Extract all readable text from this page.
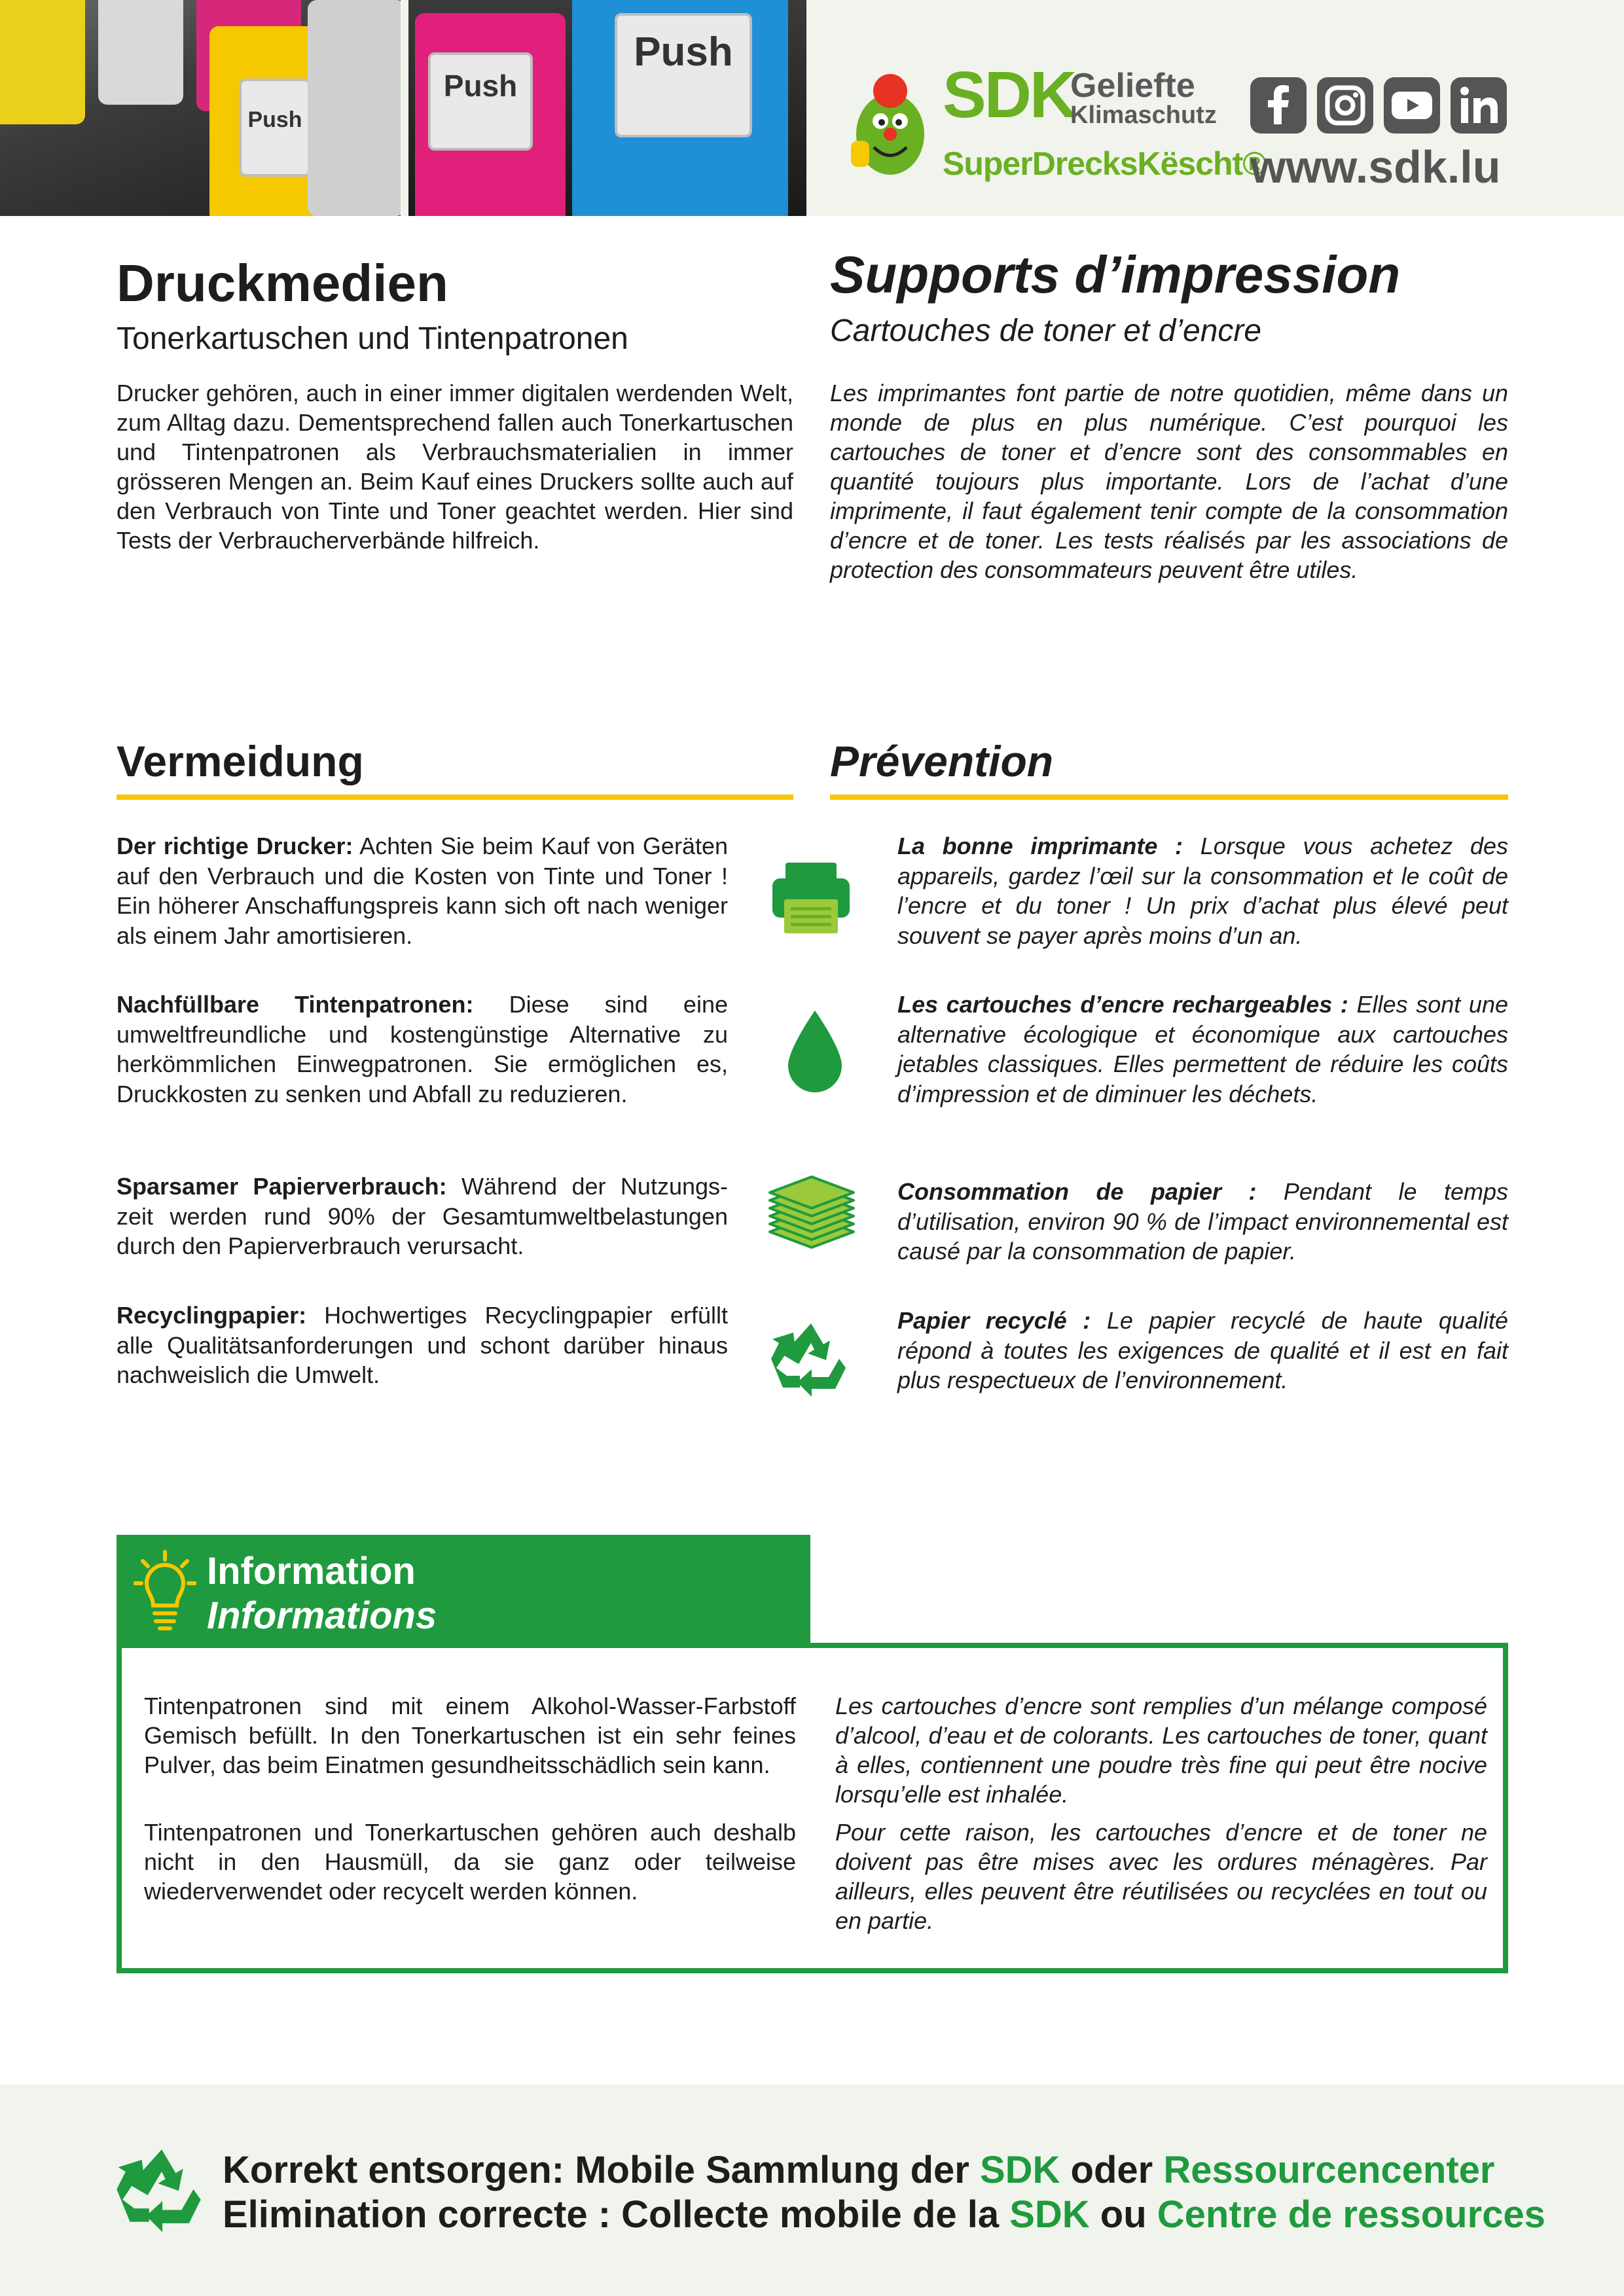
Push
Push
Push
SDK
Geliefte
Klimaschutz
SuperDrecksKëscht®
www.sdk.lu
Druckmedien
Tonerkartuschen und Tintenpatronen
Drucker gehören, auch in einer immer digitalen werdenden Welt, zum Alltag dazu. Dementsprechend fallen auch Tonerkartuschen und Tintenpatronen als Verbrauchsmaterialien in immer grösseren Mengen an. Beim Kauf eines Druckers sollte auch auf den Verbrauch von Tinte und Toner geachtet werden. Hier sind Tests der Verbraucherverbände hilfreich.
Supports d’impression
Cartouches de toner et d’encre
Les imprimantes font partie de notre quotidien, même dans un monde de plus en plus numérique. C’est pourquoi les cartouches de toner et d’encre sont des consommables en quantité toujours plus importante. Lors de l’achat d’une imprimente, il faut également tenir compte de la consommation d’encre et de toner. Les tests réalisés par les associations de protection des consommateurs peuvent être utiles.
Vermeidung	Prévention
Der richtige Drucker: Achten Sie beim Kauf von Geräten auf den Verbrauch und die Kosten von Tinte und Toner ! Ein höherer Anschaffungspreis kann sich oft nach weniger als einem Jahr amortisieren.
Nachfüllbare Tintenpatronen: Diese sind eine umweltfreundliche und kostengünstige Alternative zu herkömmlichen Einwegpatronen. Sie ermöglichen es, Druckkosten zu senken und Abfall zu reduzieren.
Sparsamer Papierverbrauch: Während der Nutzungs-zeit werden rund 90% der Gesamtumweltbelastungen durch den Papierverbrauch verursacht.
Recyclingpapier: Hochwertiges Recyclingpapier erfüllt alle Qualitätsanforderungen und schont darüber hinaus nachweislich die Umwelt.
La bonne imprimante : Lorsque vous achetez des appareils, gardez l’œil sur la consommation et le coût de l’encre et du toner ! Un prix d’achat plus élevé peut souvent se payer après moins d’un an.
Les cartouches d’encre rechargeables : Elles sont une alternative écologique et économique aux cartouches jetables classiques. Elles permettent de réduire les coûts d’impression et de diminuer les déchets.
Consommation de papier : Pendant le temps d’utilisation, environ 90 % de l’impact environnemental est causé par la consommation de papier.
Papier recyclé : Le papier recyclé de haute qualité répond à toutes les exigences de qualité et il est en fait plus respectueux de l’environnement.
Tintenpatronen sind mit einem Alkohol-Wasser-Farbstoff Gemisch befüllt. In den Tonerkartuschen ist ein sehr feines Pulver, das beim Einatmen gesundheitsschädlich sein kann.
Tintenpatronen und Tonerkartuschen gehören auch deshalb nicht in den Hausmüll, da sie ganz oder teilweise wiederverwendet oder recycelt werden können.
Les cartouches d’encre sont remplies d’un mélange composé d’alcool, d’eau et de colorants. Les cartouches de toner, quant à elles, contiennent une poudre très fine qui peut être nocive lorsqu’elle est inhalée.
Pour cette raison, les cartouches d’encre et de toner ne doivent pas être mises avec les ordures ménagères. Par ailleurs, elles peuvent être réutilisées ou recyclées en tout ou en partie.
Information
Informations
Korrekt entsorgen: Mobile Sammlung der SDK oder Ressourcencenter
Elimination correcte : Collecte mobile de la SDK ou Centre de ressources
